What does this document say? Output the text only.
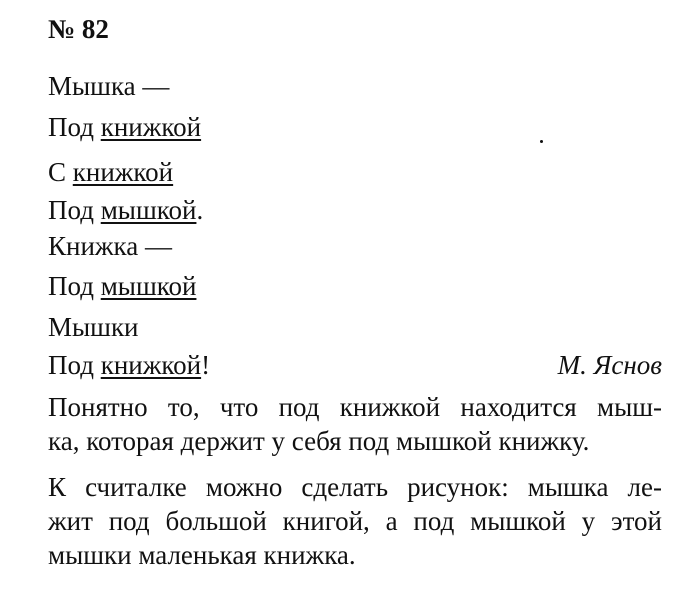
№ 82
Мышка —
Под книжкой
С книжкой
Под мышкой.
Книжка —
Под мышкой
Мышки
Под книжкой!	М. Яснов
Понятно то, что под книжкой находится мыш-
ка, которая держит у себя под мышкой книжку.
К считалке можно сделать рисунок: мышка ле-
жит под большой книгой, а под мышкой у этой
мышки маленькая книжка.
